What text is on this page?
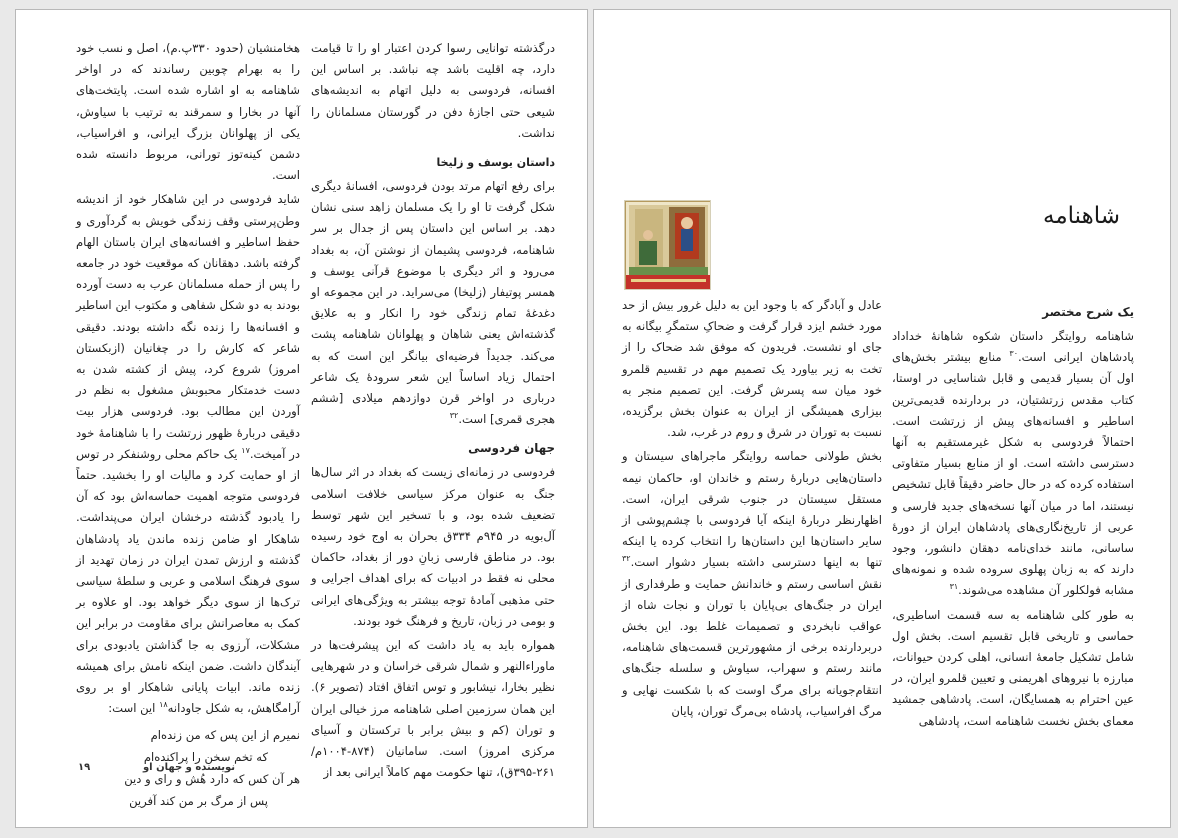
درگذشته توانایی رسوا کردن اعتبار او را تا قیامت دارد، چه اقلیت باشد چه نباشد. بر اساس این افسانه، فردوسی به دلیل اتهام به اندیشه‌های شیعی حتی اجازهٔ دفن در گورستان مسلمانان را نداشت.

داستان یوسف و زلیخا

برای رفع اتهام مرتد بودن فردوسی، افسانهٔ دیگری شکل گرفت تا او را یک مسلمان زاهد سنی نشان دهد. بر اساس این داستان پس از جدال بر سر شاهنامه، فردوسی پشیمان از نوشتن آن، به بغداد می‌رود و اثر دیگری با موضوع قرآنی یوسف و همسر پوتیفار (زلیخا) می‌سراید. در این مجموعه او دغدغهٔ تمام زندگی خود را انکار و به علایق گذشته‌اش یعنی شاهان و پهلوانان شاهنامه پشت می‌کند. جدیداً فرضیه‌ای بیانگر این است که به احتمال زیاد اساساً این شعر سرودهٔ یک شاعر درباری در اواخر قرن دوازدهم میلادی [ششم هجری قمری] است.$^{۳۲}$

جهان فردوسی

فردوسی در زمانه‌ای زیست که بغداد در اثر سال‌ها جنگ به عنوان مرکز سیاسی خلافت اسلامی تضعیف شده بود، و با تسخیر این شهر توسط آل‌بویه در ۹۴۵م ۳۳۴ق بحران به اوج خود رسیده بود. در مناطق فارسی زبانِ دور از بغداد، حاکمان محلی نه فقط در ادبیات که برای اهداف اجرایی و حتی مذهبی آمادهٔ توجه بیشتر به ویژگی‌های ایرانی و بومی در زبان، تاریخ و فرهنگ خود بودند.

همواره باید به یاد داشت که این پیشرفت‌ها در ماوراءالنهر و شمال شرقی خراسان و در شهرهایی نظیر بخارا، نیشابور و توس اتفاق افتاد (تصویر ۶). این همان سرزمین اصلی شاهنامه مرز خیالی ایران و توران (کم و بیش برابر با ترکستان و آسیای مرکزی امروز) است. سامانیان (۸۷۴-۱۰۰۴م/۲۶۱-۳۹۵ق)، تنها حکومت مهم کاملاً ایرانی بعد از

هخامنشیان (حدود ۳۳۰پ.م)، اصل و نسب خود را به بهرام چوبین رساندند که در اواخر شاهنامه به او اشاره شده است. پایتخت‌های آنها در بخارا و سمرقند به ترتیب با سیاوش، یکی از پهلوانان بزرگ ایرانی، و افراسیاب، دشمن کینه‌توز تورانی، مربوط دانسته شده است.

شاید فردوسی در این شاهکار خود از اندیشه وطن‌پرستی وقف زندگی خویش به گردآوری و حفظ اساطیر و افسانه‌های ایران باستان الهام گرفته باشد. دهقانان که موقعیت خود در جامعه را پس از حمله مسلمانان عرب به دست آورده بودند به دو شکل شفاهی و مکتوب این اساطیر و افسانه‌ها را زنده نگه داشته بودند. دقیقی شاعر که کارش را در چغانیان (ازبکستان امروز) شروع کرد، پیش از کشته شدن به دست خدمتکار محبوبش مشغول به نظم در آوردن این مطالب بود. فردوسی هزار بیت دقیقی دربارهٔ ظهور زرتشت را با شاهنامهٔ خود در آمیخت.$^{۱۷}$ یک حاکم محلی روشنفکر در توس از او حمایت کرد و مالیات او را بخشید. حتماً فردوسی متوجه اهمیت حماسه‌اش بود که آن را یادبود گذشته درخشان ایران می‌پنداشت. شاهکار او ضامن زنده ماندن یاد پادشاهان گذشته و ارزش تمدن ایران در زمان تهدید از سوی فرهنگ اسلامی و عربی و سلطهٔ سیاسی ترک‌ها از سوی دیگر خواهد بود. او علاوه بر کمک به معاصرانش برای مقاومت در برابر این مشکلات، آرزوی به جا گذاشتن یادبودی برای آیندگان داشت. ضمن اینکه نامش برای همیشه زنده ماند. ابیات پایانی شاهکار او بر روی آرامگاهش، به شکل جاودانه$^{۱۸}$ این است:

نمیرم از این پس که من زنده‌ام
که تخم سخن را پراکنده‌ام
هر آن کس که دارد هُش و رای و دین
پس از مرگ بر من کند آفرین
۱۹	نویسنده و جهان او
شاهنامه
یک شرح مختصر

شاهنامه روایتگر داستان شکوه شاهانهٔ خداداد پادشاهان ایرانی است.$^{۳۰}$ منابع بیشتر بخش‌های اول آن بسیار قدیمی و قابل شناسایی در اوستا، کتاب مقدس زرتشتیان، در بردارنده قدیمی‌ترین اساطیر و افسانه‌های پیش از زرتشت است. احتمالاً فردوسی به شکل غیرمستقیم به آنها دسترسی داشته است. او از منابع بسیار متفاوتی استفاده کرده که در حال حاضر دقیقاً قابل تشخیص نیستند، اما در میان آنها نسخه‌های جدید فارسی و عربی از تاریخ‌نگاری‌های پادشاهان ایران از دورهٔ ساسانی، مانند خدای‌نامه دهقان دانشور، وجود دارند که به زبان پهلوی سروده شده و نمونه‌های مشابه فولکلور آن مشاهده می‌شوند.$^{۳۱}$

به طور کلی شاهنامه به سه قسمت اساطیری، حماسی و تاریخی قابل تقسیم است. بخش اول شامل تشکیل جامعهٔ انسانی، اهلی کردن حیوانات، مبارزه با نیروهای اهریمنی و تعیین قلمرو ایران، در عین احترام به همسایگان، است. پادشاهی جمشید معمای بخش نخست شاهنامه است، پادشاهی

عادل و آبادگر که با وجود این به دلیل غرور بیش از حد مورد خشم ایزد قرار گرفت و ضحاکِ ستمگرِ بیگانه به جای او نشست. فریدون که موفق شد ضحاک را از تخت به زیر بیاورد یک تصمیم مهم در تقسیم قلمرو خود میان سه پسرش گرفت. این تصمیم منجر به بیزاری همیشگی از ایران به عنوان بخش برگزیده، نسبت به توران در شرق و روم در غرب، شد.

بخش طولانی حماسه روایتگر ماجراهای سیستان و داستان‌هایی دربارهٔ رستم و خاندان او، حاکمان نیمه مستقل سیستان در جنوب شرقی ایران، است. اظهارنظر دربارهٔ اینکه آیا فردوسی با چشم‌پوشی از سایر داستان‌ها این داستان‌ها را انتخاب کرده یا اینکه تنها به اینها دسترسی داشته بسیار دشوار است.$^{۳۲}$ نقش اساسی رستم و خاندانش حمایت و طرفداری از ایران در جنگ‌های بی‌پایان با توران و نجات شاه از عواقب نابخردی و تصمیمات غلط بود. این بخش دربردارنده برخی از مشهورترین قسمت‌های شاهنامه، مانند رستم و سهراب، سیاوش و سلسله جنگ‌های انتقام‌جویانه برای مرگ اوست که با شکست نهایی و مرگ افراسیاب، پادشاه بی‌مرگ توران، پایان
